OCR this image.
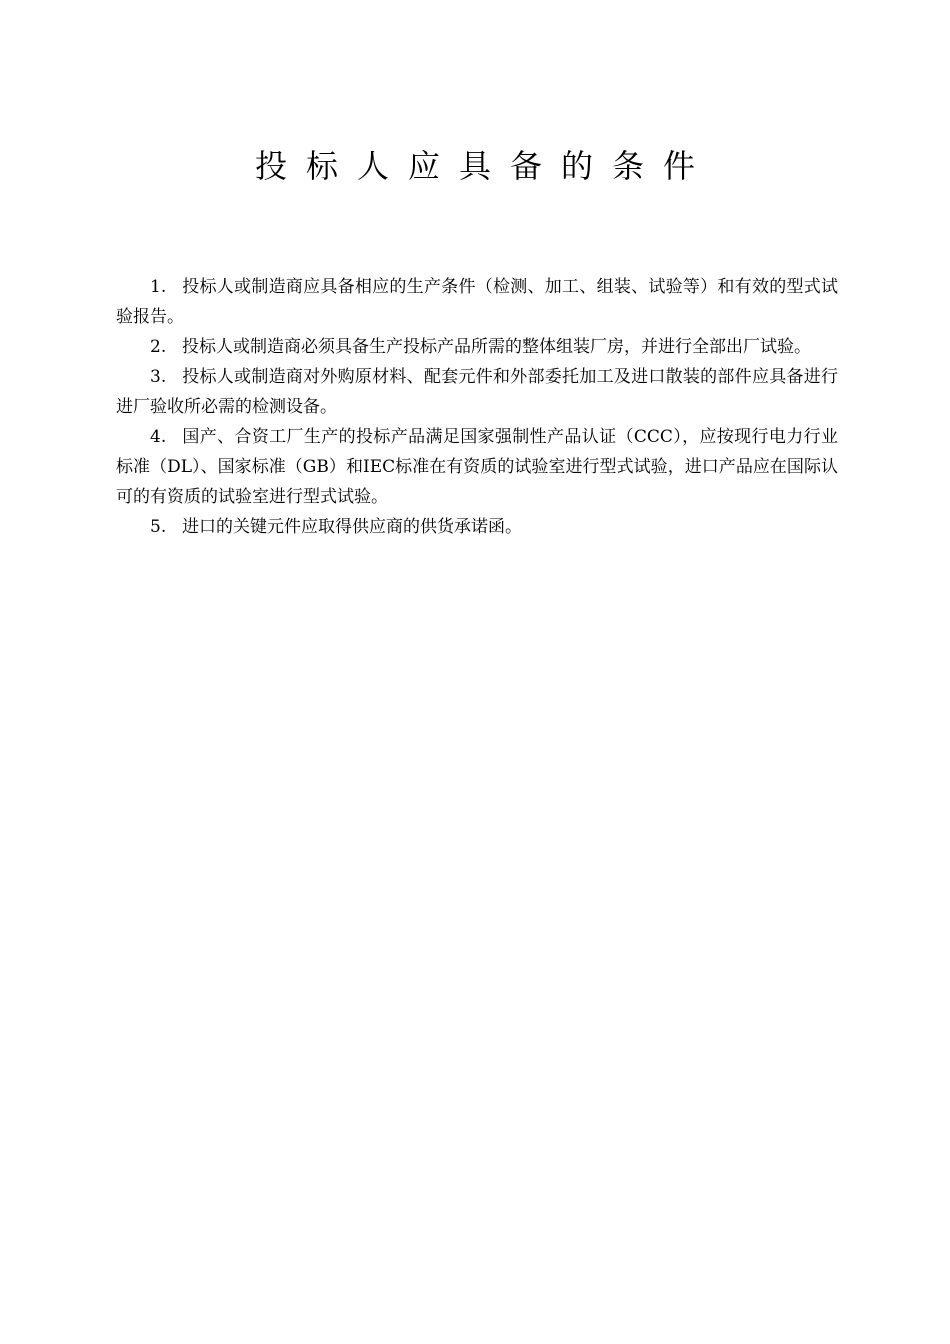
投标人应具备的条件

1. 投标人或制造商应具备相应的生产条件（检测、加工、组装、试验等）和有效的型式试验报告。

2. 投标人或制造商必须具备生产投标产品所需的整体组装厂房，并进行全部出厂试验。

3. 投标人或制造商对外购原材料、配套元件和外部委托加工及进口散装的部件应具备进行进厂验收所必需的检测设备。

4. 国产、合资工厂生产的投标产品满足国家强制性产品认证（CCC），应按现行电力行业标准（DL）、国家标准（GB）和IEC标准在有资质的试验室进行型式试验，进口产品应在国际认可的有资质的试验室进行型式试验。

5. 进口的关键元件应取得供应商的供货承诺函。
